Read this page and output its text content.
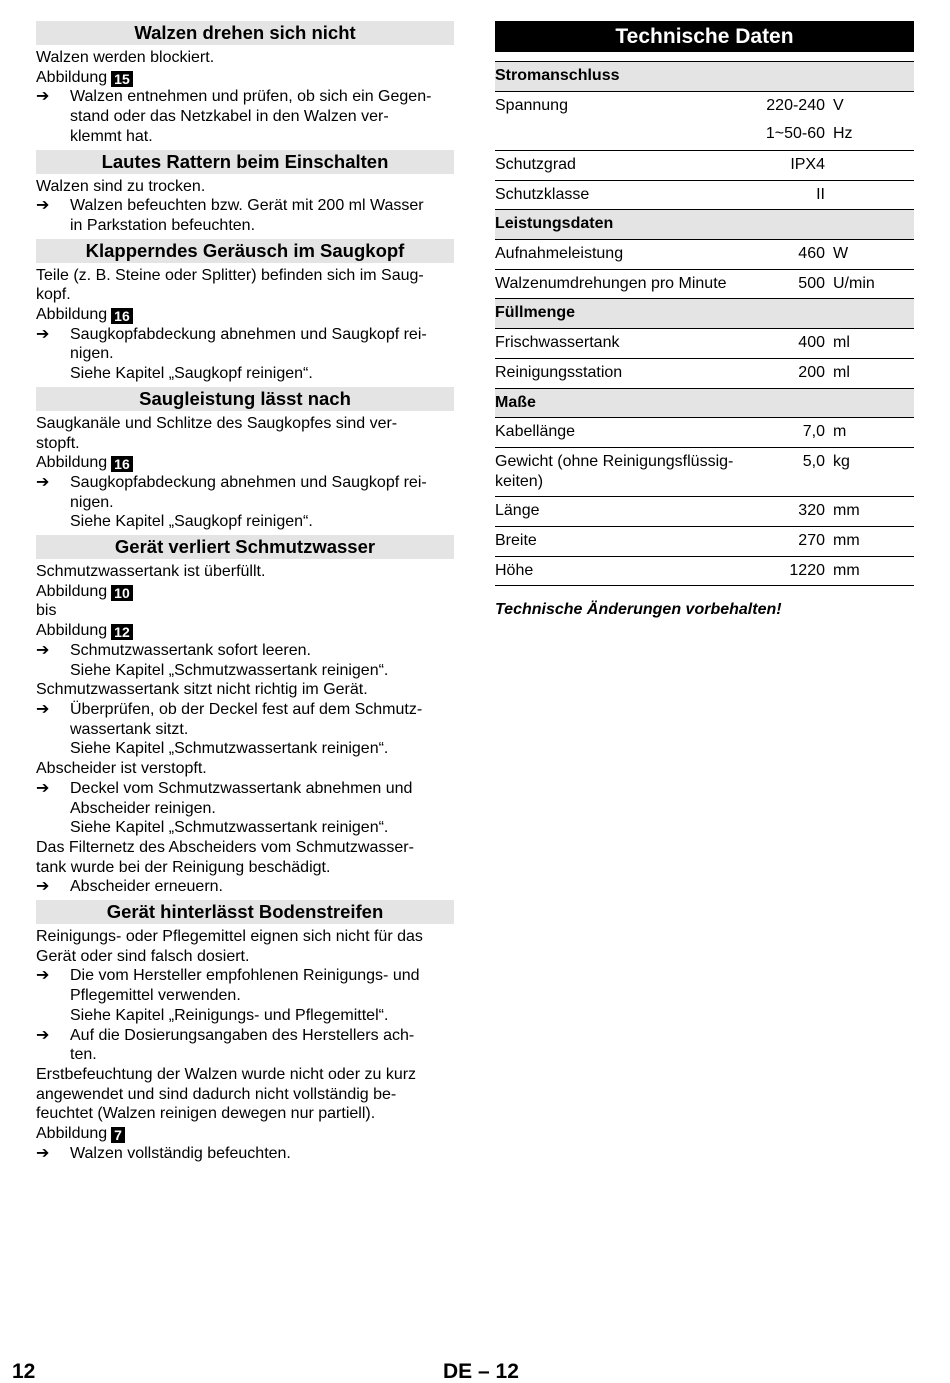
Walzen drehen sich nicht
Walzen werden blockiert.
Abbildung 15
➔	Walzen entnehmen und prüfen, ob sich ein Gegen-
stand oder das Netzkabel in den Walzen ver-
klemmt hat.
Lautes Rattern beim Einschalten
Walzen sind zu trocken.
➔	Walzen befeuchten bzw. Gerät mit 200 ml Wasser
in Parkstation befeuchten.
Klapperndes Geräusch im Saugkopf
Teile (z. B. Steine oder Splitter) befinden sich im Saug-
kopf.
Abbildung 16
➔	Saugkopfabdeckung abnehmen und Saugkopf rei-
nigen.
Siehe Kapitel „Saugkopf reinigen“.
Saugleistung lässt nach
Saugkanäle und Schlitze des Saugkopfes sind ver-
stopft.
Abbildung 16
➔	Saugkopfabdeckung abnehmen und Saugkopf rei-
nigen.
Siehe Kapitel „Saugkopf reinigen“.
Gerät verliert Schmutzwasser
Schmutzwassertank ist überfüllt.
Abbildung 10
bis
Abbildung 12
➔	Schmutzwassertank sofort leeren.
Siehe Kapitel „Schmutzwassertank reinigen“.
Schmutzwassertank sitzt nicht richtig im Gerät.
➔	Überprüfen, ob der Deckel fest auf dem Schmutz-
wassertank sitzt.
Siehe Kapitel „Schmutzwassertank reinigen“.
Abscheider ist verstopft.
➔	Deckel vom Schmutzwassertank abnehmen und
Abscheider reinigen.
Siehe Kapitel „Schmutzwassertank reinigen“.
Das Filternetz des Abscheiders vom Schmutzwasser-
tank wurde bei der Reinigung beschädigt.
➔	Abscheider erneuern.
Gerät hinterlässt Bodenstreifen
Reinigungs- oder Pflegemittel eignen sich nicht für das
Gerät oder sind falsch dosiert.
➔	Die vom Hersteller empfohlenen Reinigungs- und
Pflegemittel verwenden.
Siehe Kapitel „Reinigungs- und Pflegemittel“.
➔	Auf die Dosierungsangaben des Herstellers ach-
ten.
Erstbefeuchtung der Walzen wurde nicht oder zu kurz
angewendet und sind dadurch nicht vollständig be-
feuchtet (Walzen reinigen dewegen nur partiell).
Abbildung 7
➔	Walzen vollständig befeuchten.
Technische Daten
Stromanschluss
Spannung	220-240 V

1~50-60 Hz
Schutzgrad	IPX4
Schutzklasse	II
Leistungsdaten
Aufnahmeleistung	460 W
Walzenumdrehungen pro Minute	500 U/min
Füllmenge
Frischwassertank	400 ml
Reinigungsstation	200 ml
Maße
Kabellänge	7,0 m
Gewicht (ohne Reinigungsflüssig-
keiten)
5,0 kg
Länge	320 mm
Breite	270 mm
Höhe	1220 mm
Technische Änderungen vorbehalten!
12	DE – 12
